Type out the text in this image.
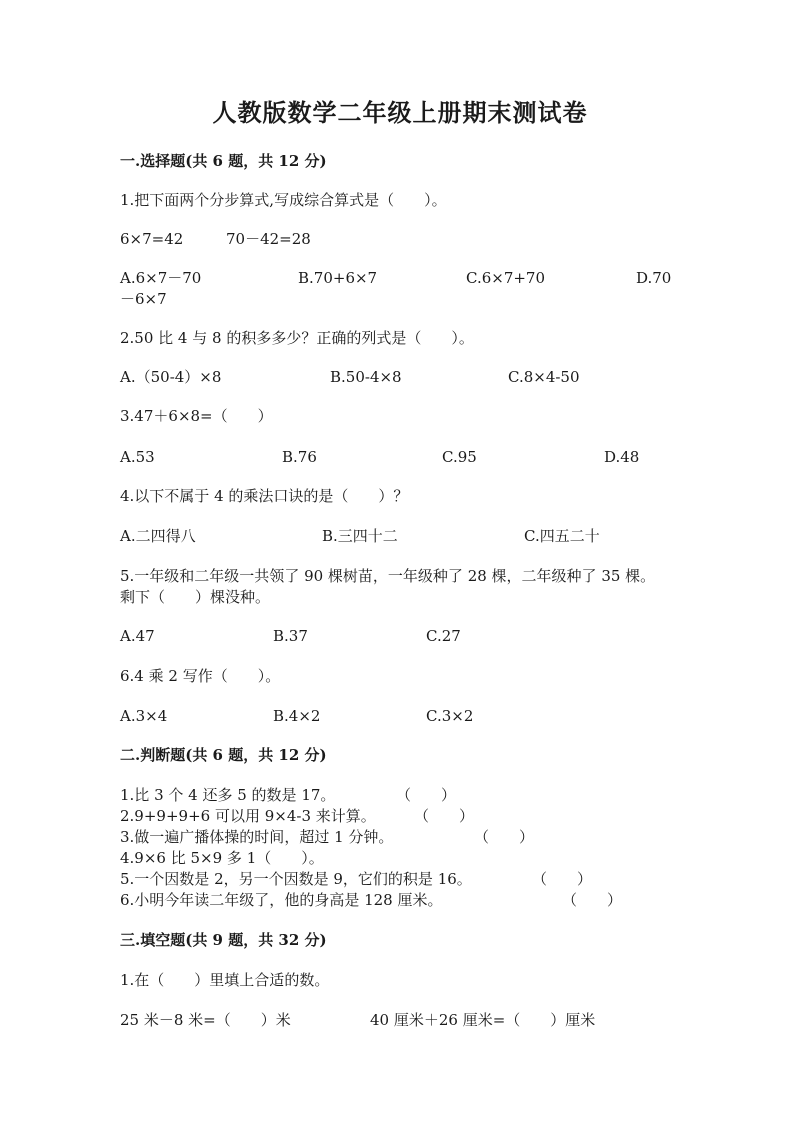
人教版数学二年级上册期末测试卷
一.选择题(共 6 题，共 12 分)
1.把下面两个分步算式,写成综合算式是（　　）。
6×7=42	70－42=28
A.6×7－70	B.70+6×7	C.6×7+70	D.70
－6×7
2.50 比 4 与 8 的积多多少？正确的列式是（　　）。
A.（50-4）×8	B.50-4×8	C.8×4-50
3.47＋6×8=（　　）
A.53	B.76	C.95	D.48
4.以下不属于 4 的乘法口诀的是（　　）？
A.二四得八	B.三四十二	C.四五二十
5.一年级和二年级一共领了 90 棵树苗，一年级种了 28 棵，二年级种了 35 棵。
剩下（　　）棵没种。
A.47	B.37	C.27
6.4 乘 2 写作（　　）。
A.3×4	B.4×2	C.3×2
二.判断题(共 6 题，共 12 分)
1.比 3 个 4 还多 5 的数是 17。	（　　）
2.9+9+9+6 可以用 9×4-3 来计算。	（　　）
3.做一遍广播体操的时间，超过 1 分钟。	（　　）
4.9×6 比 5×9 多 1（　　）。
5.一个因数是 2，另一个因数是 9，它们的积是 16。	（　　）
6.小明今年读二年级了，他的身高是 128 厘米。	（　　）
三.填空题(共 9 题，共 32 分)
1.在（　　）里填上合适的数。
25 米－8 米=（　　）米	40 厘米＋26 厘米=（　　）厘米
